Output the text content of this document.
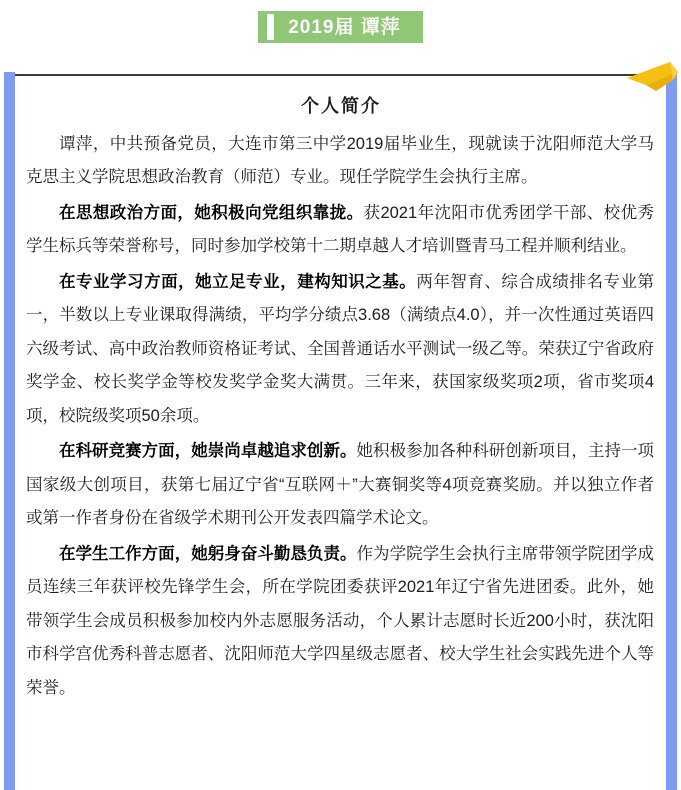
2019届 谭萍
个人简介

谭萍，中共预备党员，大连市第三中学2019届毕业生，现就读于沈阳师范大学马克思主义学院思想政治教育（师范）专业。现任学院学生会执行主席。

在思想政治方面，她积极向党组织靠拢。获2021年沈阳市优秀团学干部、校优秀学生标兵等荣誉称号，同时参加学校第十二期卓越人才培训暨青马工程并顺利结业。

在专业学习方面，她立足专业，建构知识之基。两年智育、综合成绩排名专业第一，半数以上专业课取得满绩，平均学分绩点3.68（满绩点4.0），并一次性通过英语四六级考试、高中政治教师资格证考试、全国普通话水平测试一级乙等。荣获辽宁省政府奖学金、校长奖学金等校发奖学金奖大满贯。三年来，获国家级奖项2项，省市奖项4项，校院级奖项50余项。

在科研竞赛方面，她崇尚卓越追求创新。她积极参加各种科研创新项目，主持一项国家级大创项目，获第七届辽宁省“互联网＋”大赛铜奖等4项竞赛奖励。并以独立作者或第一作者身份在省级学术期刊公开发表四篇学术论文。

在学生工作方面，她躬身奋斗勤恳负责。作为学院学生会执行主席带领学院团学成员连续三年获评校先锋学生会，所在学院团委获评2021年辽宁省先进团委。此外，她带领学生会成员积极参加校内外志愿服务活动，个人累计志愿时长近200小时，获沈阳市科学宫优秀科普志愿者、沈阳师范大学四星级志愿者、校大学生社会实践先进个人等荣誉。
